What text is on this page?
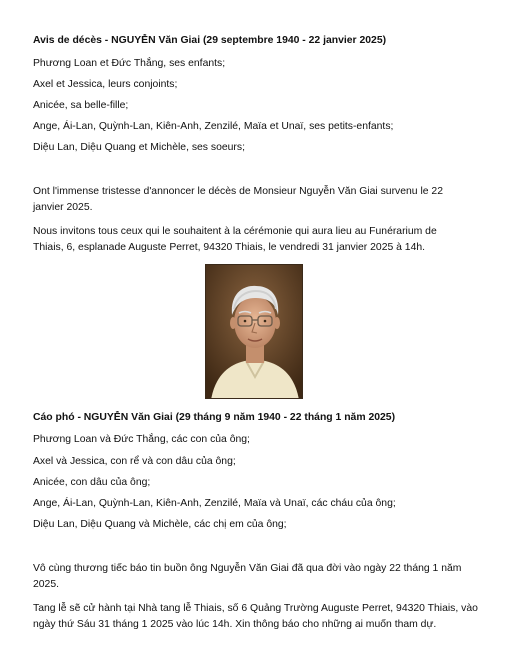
Avis de décès - NGUYỄN Văn Giai (29 septembre 1940 - 22 janvier 2025)
Phương Loan et Đức Thắng, ses enfants;
Axel et Jessica, leurs conjoints;
Anicée, sa belle-fille;
Ange, Ái-Lan, Quỳnh-Lan, Kiên-Anh, Zenzilé, Maïa et Unaï, ses petits-enfants;
Diệu Lan, Diệu Quang et Michèle, ses soeurs;
Ont l'immense tristesse d'annoncer le décès de Monsieur Nguyễn Văn Giai survenu le 22 janvier 2025.
Nous invitons tous ceux qui le souhaitent à la cérémonie qui aura lieu au Funérarium de Thiais, 6, esplanade Auguste Perret, 94320 Thiais, le vendredi 31 janvier 2025 à 14h.
Cáo phó - NGUYỄN Văn Giai (29 tháng 9 năm 1940 - 22 tháng 1 năm 2025)
Phương Loan và Đức Thắng, các con của ông;
Axel và Jessica, con rể và con dâu của ông;
Anicée, con dâu của ông;
Ange, Ái-Lan, Quỳnh-Lan, Kiên-Anh, Zenzilé, Maïa và Unaï, các cháu của ông;
Diệu Lan, Diệu Quang và Michèle, các chị em của ông;
Vô cùng thương tiếc báo tin buồn ông Nguyễn Văn Giai đã qua đời vào ngày 22 tháng 1 năm 2025.
Tang lễ sẽ cử hành tại Nhà tang lễ Thiais, số 6 Quảng Trường Auguste Perret, 94320 Thiais, vào ngày thứ Sáu 31 tháng 1 2025 vào lúc 14h. Xin thông báo cho những ai muốn tham dự.
